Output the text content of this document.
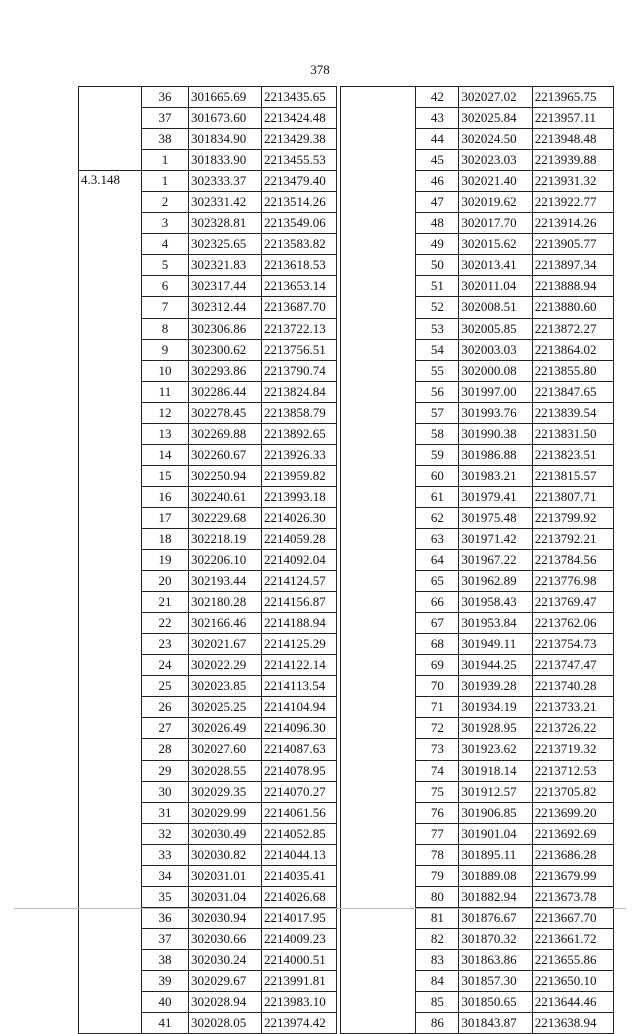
378
	36	301665.69	2213435.65
	37	301673.60	2213424.48
	38	301834.90	2213429.38
	1	301833.90	2213455.53
4.3.148	1	302333.37	2213479.40
	2	302331.42	2213514.26
	3	302328.81	2213549.06
	4	302325.65	2213583.82
	5	302321.83	2213618.53
	6	302317.44	2213653.14
	7	302312.44	2213687.70
	8	302306.86	2213722.13
	9	302300.62	2213756.51
	10	302293.86	2213790.74
	11	302286.44	2213824.84
	12	302278.45	2213858.79
	13	302269.88	2213892.65
	14	302260.67	2213926.33
	15	302250.94	2213959.82
	16	302240.61	2213993.18
	17	302229.68	2214026.30
	18	302218.19	2214059.28
	19	302206.10	2214092.04
	20	302193.44	2214124.57
	21	302180.28	2214156.87
	22	302166.46	2214188.94
	23	302021.67	2214125.29
	24	302022.29	2214122.14
	25	302023.85	2214113.54
	26	302025.25	2214104.94
	27	302026.49	2214096.30
	28	302027.60	2214087.63
	29	302028.55	2214078.95
	30	302029.35	2214070.27
	31	302029.99	2214061.56
	32	302030.49	2214052.85
	33	302030.82	2214044.13
	34	302031.01	2214035.41
	35	302031.04	2214026.68
	36	302030.94	2214017.95
	37	302030.66	2214009.23
	38	302030.24	2214000.51
	39	302029.67	2213991.81
	40	302028.94	2213983.10
	41	302028.05	2213974.42
	42	302027.02	2213965.75
	43	302025.84	2213957.11
	44	302024.50	2213948.48
	45	302023.03	2213939.88
	46	302021.40	2213931.32
	47	302019.62	2213922.77
	48	302017.70	2213914.26
	49	302015.62	2213905.77
	50	302013.41	2213897.34
	51	302011.04	2213888.94
	52	302008.51	2213880.60
	53	302005.85	2213872.27
	54	302003.03	2213864.02
	55	302000.08	2213855.80
	56	301997.00	2213847.65
	57	301993.76	2213839.54
	58	301990.38	2213831.50
	59	301986.88	2213823.51
	60	301983.21	2213815.57
	61	301979.41	2213807.71
	62	301975.48	2213799.92
	63	301971.42	2213792.21
	64	301967.22	2213784.56
	65	301962.89	2213776.98
	66	301958.43	2213769.47
	67	301953.84	2213762.06
	68	301949.11	2213754.73
	69	301944.25	2213747.47
	70	301939.28	2213740.28
	71	301934.19	2213733.21
	72	301928.95	2213726.22
	73	301923.62	2213719.32
	74	301918.14	2213712.53
	75	301912.57	2213705.82
	76	301906.85	2213699.20
	77	301901.04	2213692.69
	78	301895.11	2213686.28
	79	301889.08	2213679.99
	80	301882.94	2213673.78
	81	301876.67	2213667.70
	82	301870.32	2213661.72
	83	301863.86	2213655.86
	84	301857.30	2213650.10
	85	301850.65	2213644.46
	86	301843.87	2213638.94
